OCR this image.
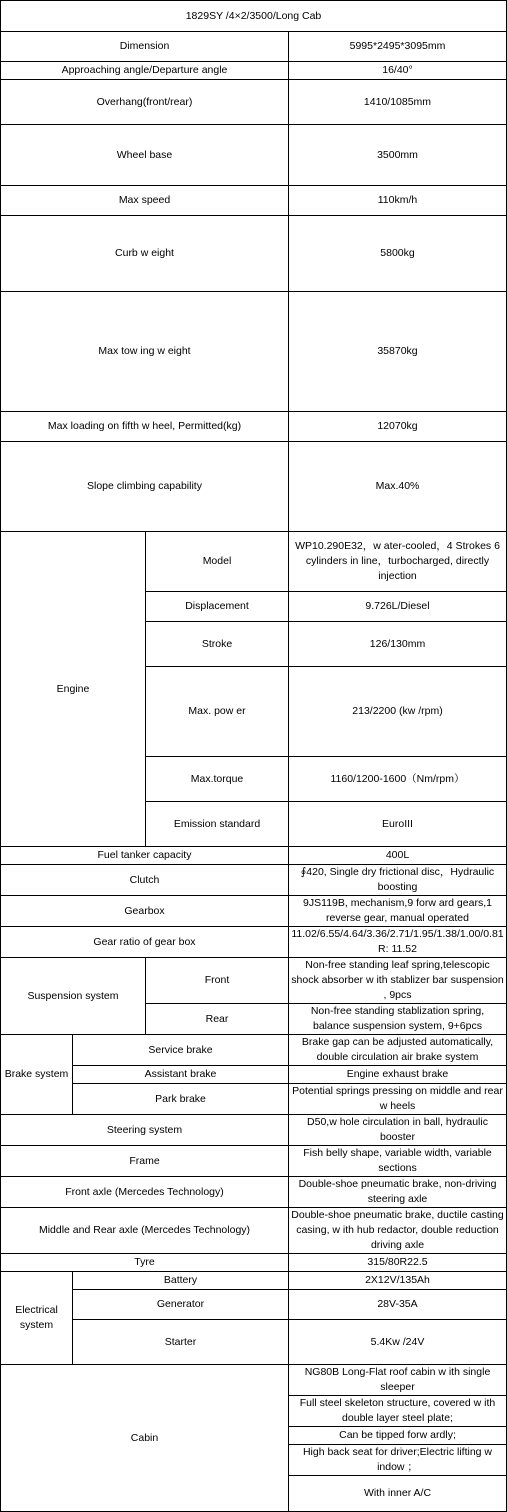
1829SY /4×2/3500/Long Cab			
Dimension			5995*2495*3095mm
Approaching angle/Departure angle			16/40°
Overhang(front/rear)			1410/1085mm
Wheel base			3500mm
Max speed			110km/h
Curb w eight			5800kg
Max tow ing w eight			35870kg
Max loading on fifth w heel, Permitted(kg)			12070kg
Slope climbing capability			Max.40%
Engine		Model	WP10.290E32，w ater-cooled，4 Strokes 6 cylinders in line，turbocharged, directly injection
		Displacement	9.726L/Diesel
		Stroke	126/130mm
		Max. pow er	213/2200 (kw /rpm)
		Max.torque	1160/1200-1600（Nm/rpm）
		Emission standard	EuroIII
Fuel tanker capacity			400L
Clutch			∮420, Single dry frictional disc，Hydraulic boosting
Gearbox			9JS119B, mechanism,9 forw ard gears,1 reverse gear, manual operated
Gear ratio of gear box			11.02/6.55/4.64/3.36/2.71/1.95/1.38/1.00/0.81 R: 11.52
Suspension system		Front	Non-free standing leaf spring,telescopic shock absorber w ith stablizer bar suspension , 9pcs
		Rear	Non-free standing stablization spring, balance suspension system, 9+6pcs
Brake system	Service brake		Brake gap can be adjusted automatically, double circulation air brake system
	Assistant brake		Engine exhaust brake
	Park brake		Potential springs pressing on middle and rear w heels
Steering system			D50,w hole circulation in ball, hydraulic booster
Frame			Fish belly shape, variable width, variable sections
Front axle (Mercedes Technology)			Double-shoe pneumatic brake, non-driving steering axle
Middle and Rear axle (Mercedes Technology)			Double-shoe pneumatic brake, ductile casting casing, w ith hub redactor, double reduction driving axle
Tyre			315/80R22.5
Electrical system	Battery		2X12V/135Ah
	Generator		28V-35A
	Starter		5.4Kw /24V
Cabin			NG80B Long-Flat roof cabin w ith single sleeper
			Full steel skeleton structure, covered w ith double layer steel plate;
			Can be tipped forw ardly;
			High back seat for driver;Electric lifting w indow ；
			With inner A/C
